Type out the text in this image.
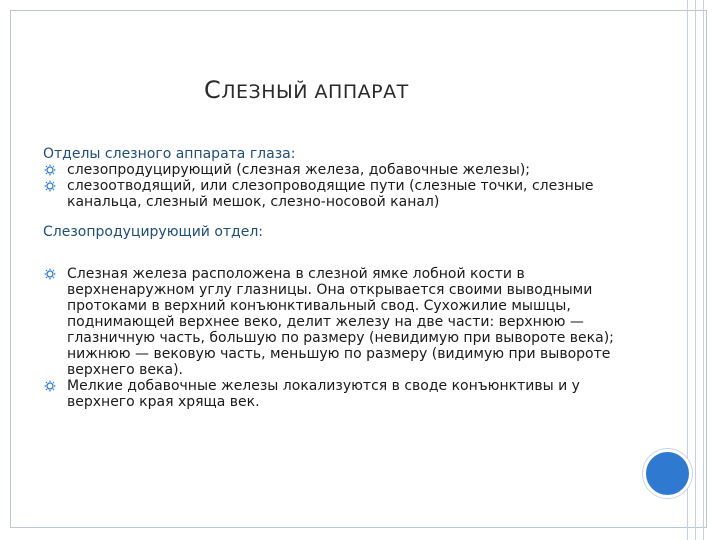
СЛЕЗНЫЙ АППАРАТ

Отделы слезного аппарата глаза:

слезопродуцирующий (слезная железа, добавочные железы);
слезоотводящий, или слезопроводящие пути (слезные точки, слезные канальца, слезный мешок, слезно-носовой канал)

Слезопродуцирующий отдел:

Слезная железа расположена в слезной ямке лобной кости в верхненаружном углу глазницы. Она открывается своими выводными протоками в верхний конъюнктивальный свод. Сухожилие мышцы, поднимающей верхнее веко, делит железу на две части: верхнюю — глазничную часть, большую по размеру (невидимую при вывороте века); нижнюю — вековую часть, меньшую по размеру (видимую при вывороте верхнего века).
Мелкие добавочные железы локализуются в своде конъюнктивы и у верхнего края хряща век.
